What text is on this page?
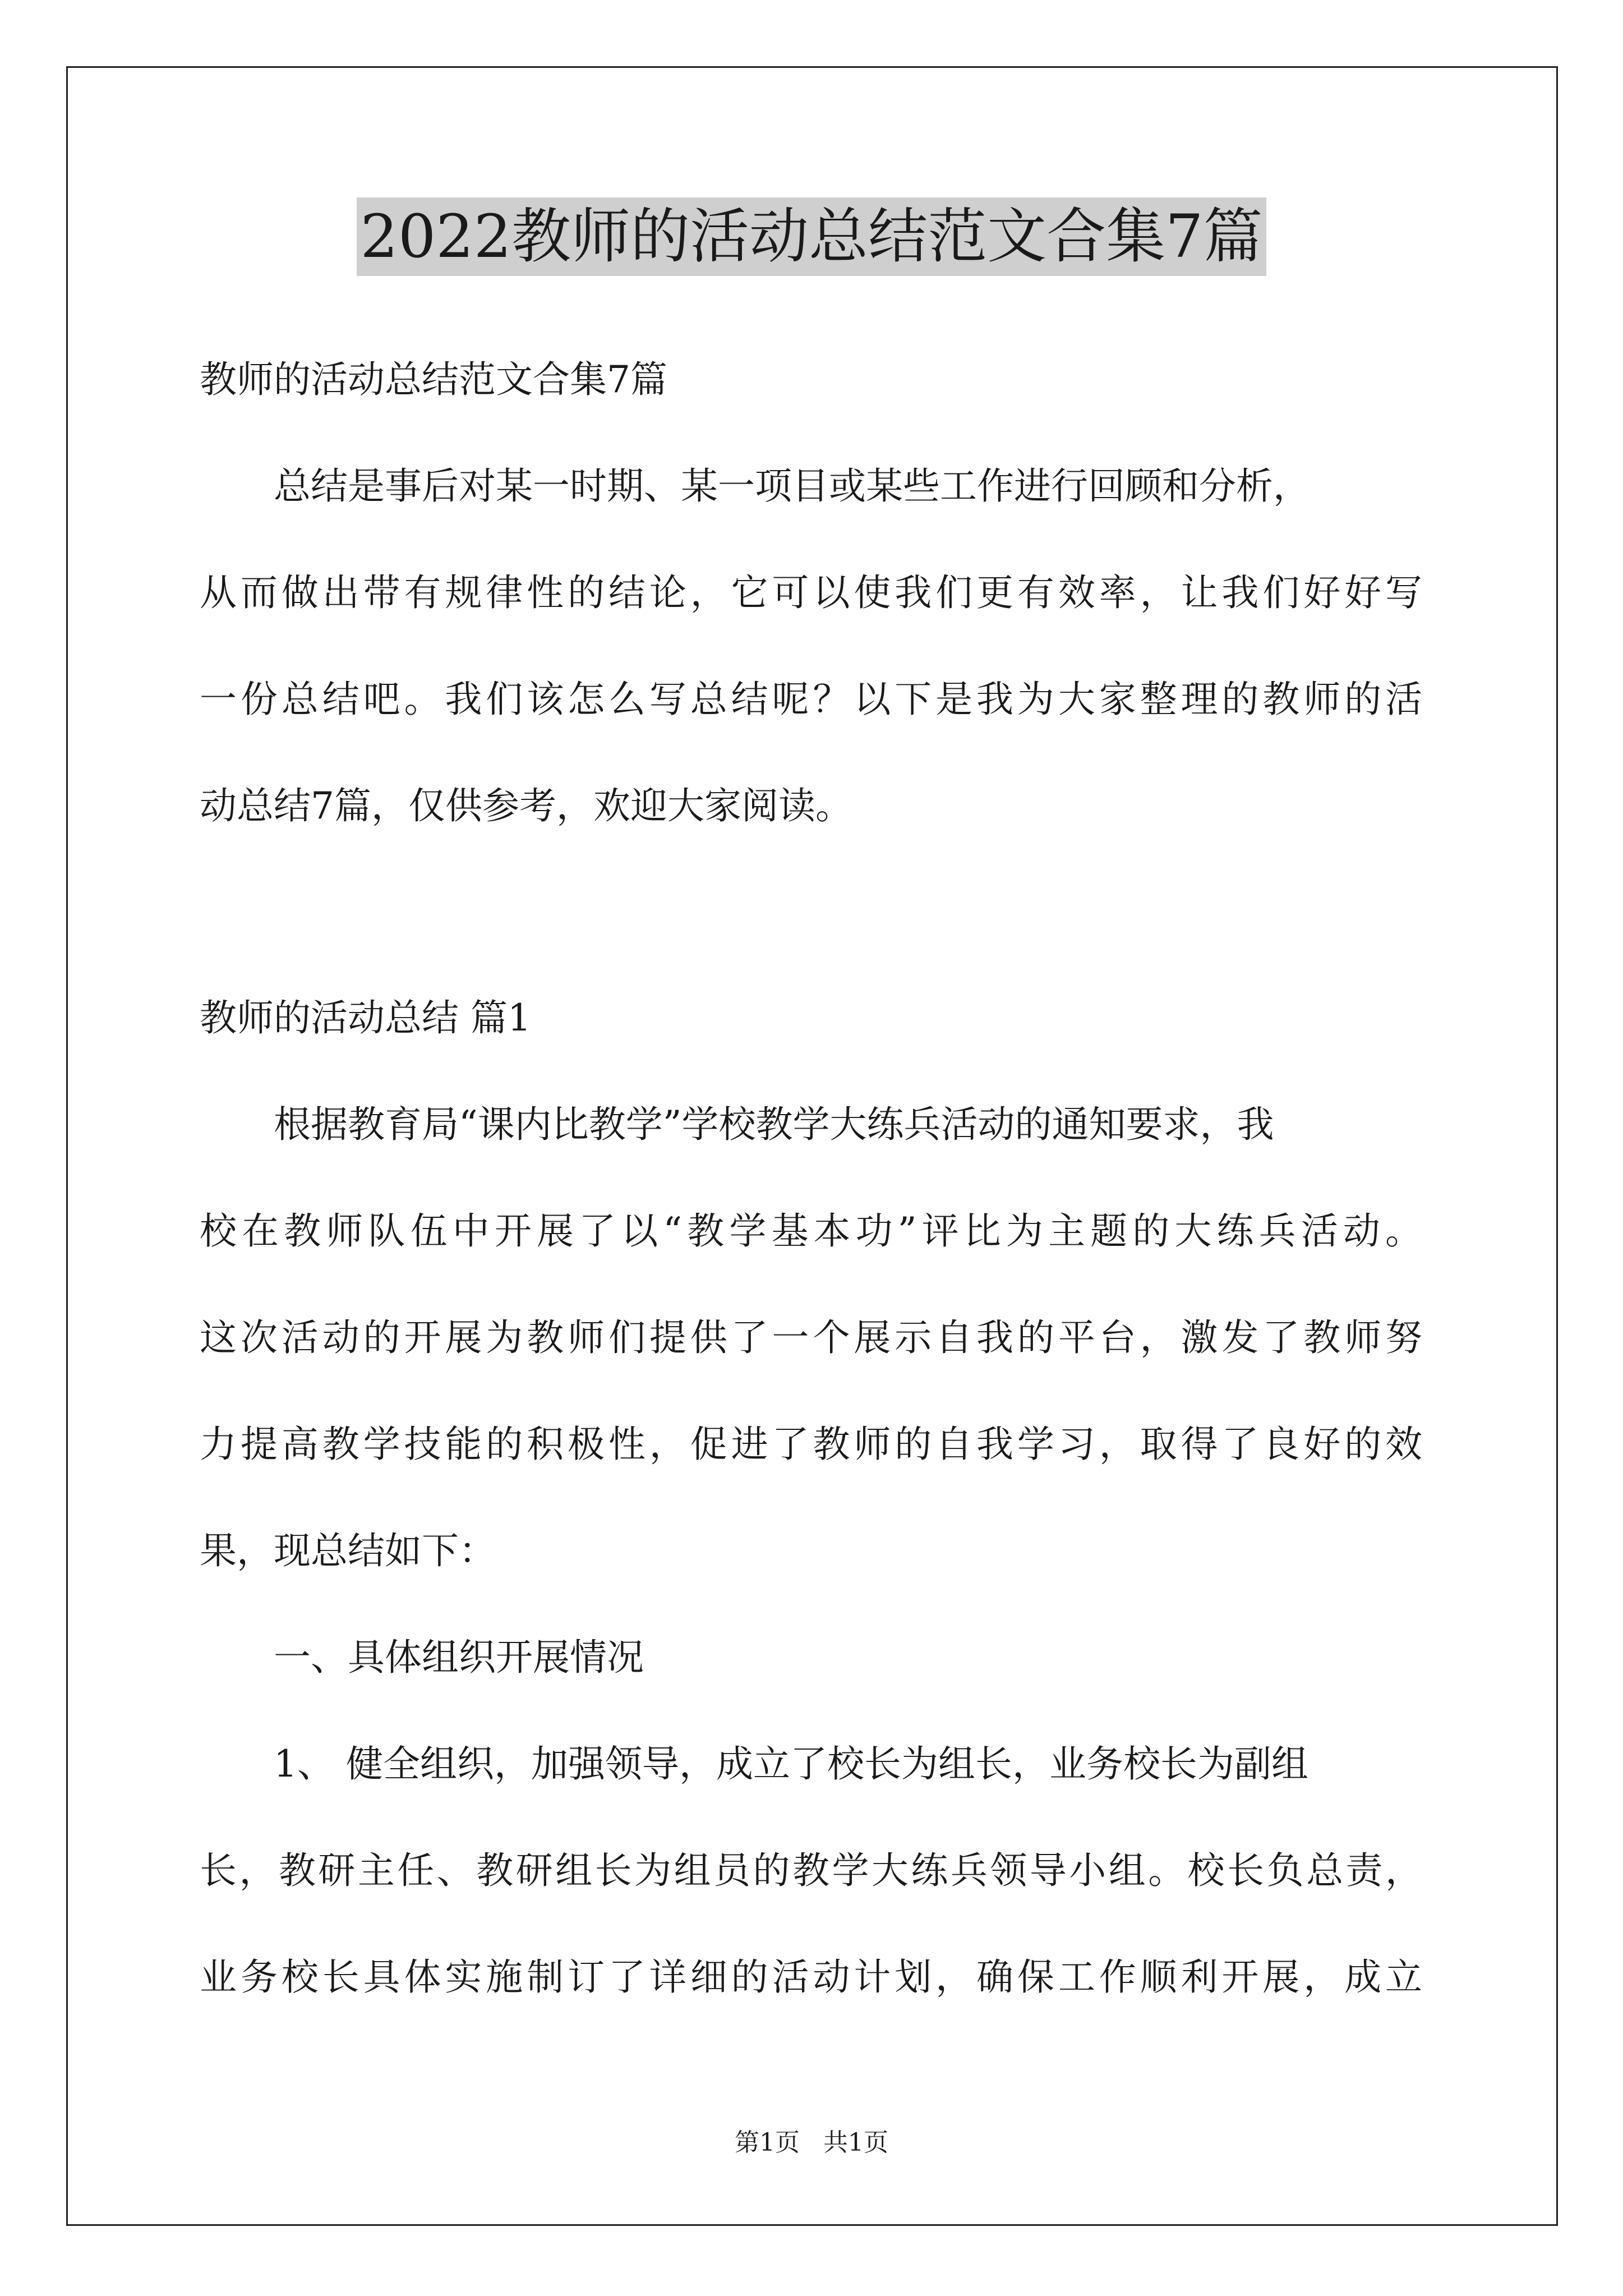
2022教师的活动总结范文合集7篇
教师的活动总结范文合集7篇
　　总结是事后对某一时期、某一项目或某些工作进行回顾和分析，
从而做出带有规律性的结论，它可以使我们更有效率，让我们好好写
一份总结吧。我们该怎么写总结呢？以下是我为大家整理的教师的活
动总结7篇，仅供参考，欢迎大家阅读。
教师的活动总结 篇1
　　根据教育局“课内比教学”学校教学大练兵活动的通知要求，我
校在教师队伍中开展了以“教学基本功”评比为主题的大练兵活动。
这次活动的开展为教师们提供了一个展示自我的平台，激发了教师努
力提高教学技能的积极性，促进了教师的自我学习，取得了良好的效
果，现总结如下：
　　一、具体组织开展情况
　　1、 健全组织，加强领导，成立了校长为组长，业务校长为副组
长，教研主任、教研组长为组员的教学大练兵领导小组。校长负总责，
业务校长具体实施制订了详细的活动计划，确保工作顺利开展，成立
第1页   共1页
